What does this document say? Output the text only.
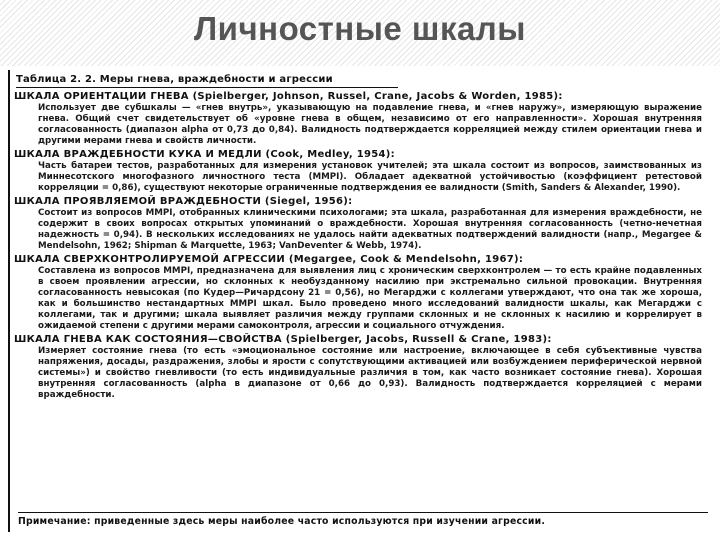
Личностные шкалы
Таблица 2. 2. Меры гнева, враждебности и агрессии
ШКАЛА ОРИЕНТАЦИИ ГНЕВА (Spielberger, Johnson, Russel, Crane, Jacobs & Worden, 1985):
Использует две субшкалы — «гнев внутрь», указывающую на подавление гнева, и «гнев наружу», измеряющую выражение гнева. Общий счет свидетельствует об «уровне гнева в общем, независимо от его направленности». Хорошая внутренняя согласованность (диапазон alpha от 0,73 до 0,84). Валидность подтверждается корреляцией между стилем ориентации гнева и другими мерами гнева и свойств личности.
ШКАЛА ВРАЖДЕБНОСТИ КУКА И МЕДЛИ (Cook, Medley, 1954):
Часть батареи тестов, разработанных для измерения установок учителей; эта шкала состоит из вопросов, заимствованных из Миннесотского многофазного личностного теста (MMPI). Обладает адекватной устойчивостью (коэффициент ретестовой корреляции = 0,86), существуют некоторые ограниченные подтверждения ее валидности (Smith, Sanders & Alexander, 1990).
ШКАЛА ПРОЯВЛЯЕМОЙ ВРАЖДЕБНОСТИ (Siegel, 1956):
Состоит из вопросов MMPI, отобранных клиническими психологами; эта шкала, разработанная для измерения враждебности, не содержит в своих вопросах открытых упоминаний о враждебности. Хорошая внутренняя согласованность (четно-нечетная надежность = 0,94). В нескольких исследованиях не удалось найти адекватных подтверждений валидности (напр., Megargee & Mendelsohn, 1962; Shipman & Marquette, 1963; VanDeventer & Webb, 1974).
ШКАЛА СВЕРХКОНТРОЛИРУЕМОЙ АГРЕССИИ (Megargee, Cook & Mendelsohn, 1967):
Составлена из вопросов MMPI, предназначена для выявления лиц с хроническим сверхконтролем — то есть крайне подавленных в своем проявлении агрессии, но склонных к необузданному насилию при экстремально сильной провокации. Внутренняя согласованность невысокая (по Кудер—Ричардсону 21 = 0,56), но Мегарджи с коллегами утверждают, что она так же хороша, как и большинство нестандартных MMPI шкал. Было проведено много исследований валидности шкалы, как Мегарджи с коллегами, так и другими; шкала выявляет различия между группами склонных и не склонных к насилию и коррелирует в ожидаемой степени с другими мерами самоконтроля, агрессии и социального отчуждения.
ШКАЛА ГНЕВА КАК СОСТОЯНИЯ—СВОЙСТВА (Spielberger, Jacobs, Russell & Crane, 1983):
Измеряет состояние гнева (то есть «эмоциональное состояние или настроение, включающее в себя субъективные чувства напряжения, досады, раздражения, злобы и ярости с сопутствующими активацией или возбуждением периферической нервной системы») и свойство гневливости (то есть индивидуальные различия в том, как часто возникает состояние гнева). Хорошая внутренняя согласованность (alpha в диапазоне от 0,66 до 0,93). Валидность подтверждается корреляцией с мерами враждебности.
Примечание: приведенные здесь меры наиболее часто используются при изучении агрессии.
